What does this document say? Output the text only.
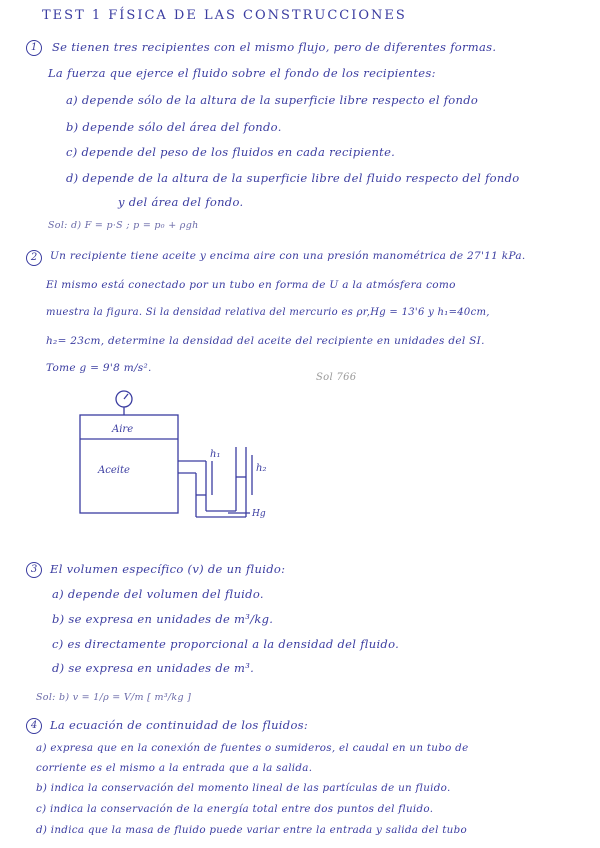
TEST 1 FÍSICA DE LAS CONSTRUCCIONES
1	Se tienen tres recipientes con el mismo flujo, pero de diferentes formas.
La fuerza que ejerce el fluido sobre el fondo de los recipientes:
a) depende sólo de la altura de la superficie libre respecto el fondo
b) depende sólo del área del fondo.
c) depende del peso de los fluidos en cada recipiente.
d) depende de la altura de la superficie libre del fluido respecto del fondo
y del área del fondo.
Sol: d) F = p·S ; p = p₀ + ρgh
2	Un recipiente tiene aceite y encima aire con una presión manométrica de 27'11 kPa.
El mismo está conectado por un tubo en forma de U a la atmósfera como
muestra la figura. Si la densidad relativa del mercurio es ρr,Hg = 13'6 y h₁=40cm,
h₂= 23cm, determine la densidad del aceite del recipiente en unidades del SI.
Tome g = 9'8 m/s².
Sol 766
Aire
Aceite
h₁
h₂
Hg
3	El volumen específico (v) de un fluido:
a) depende del volumen del fluido.
b) se expresa en unidades de m³/kg.
c) es directamente proporcional a la densidad del fluido.
d) se expresa en unidades de m³.
Sol: b) v = 1/ρ = V/m [ m³/kg ]
4	La ecuación de continuidad de los fluidos:
a) expresa que en la conexión de fuentes o sumideros, el caudal en un tubo de
corriente es el mismo a la entrada que a la salida.
b) indica la conservación del momento lineal de las partículas de un fluido.
c) indica la conservación de la energía total entre dos puntos del fluido.
d) indica que la masa de fluido puede variar entre la entrada y salida del tubo
